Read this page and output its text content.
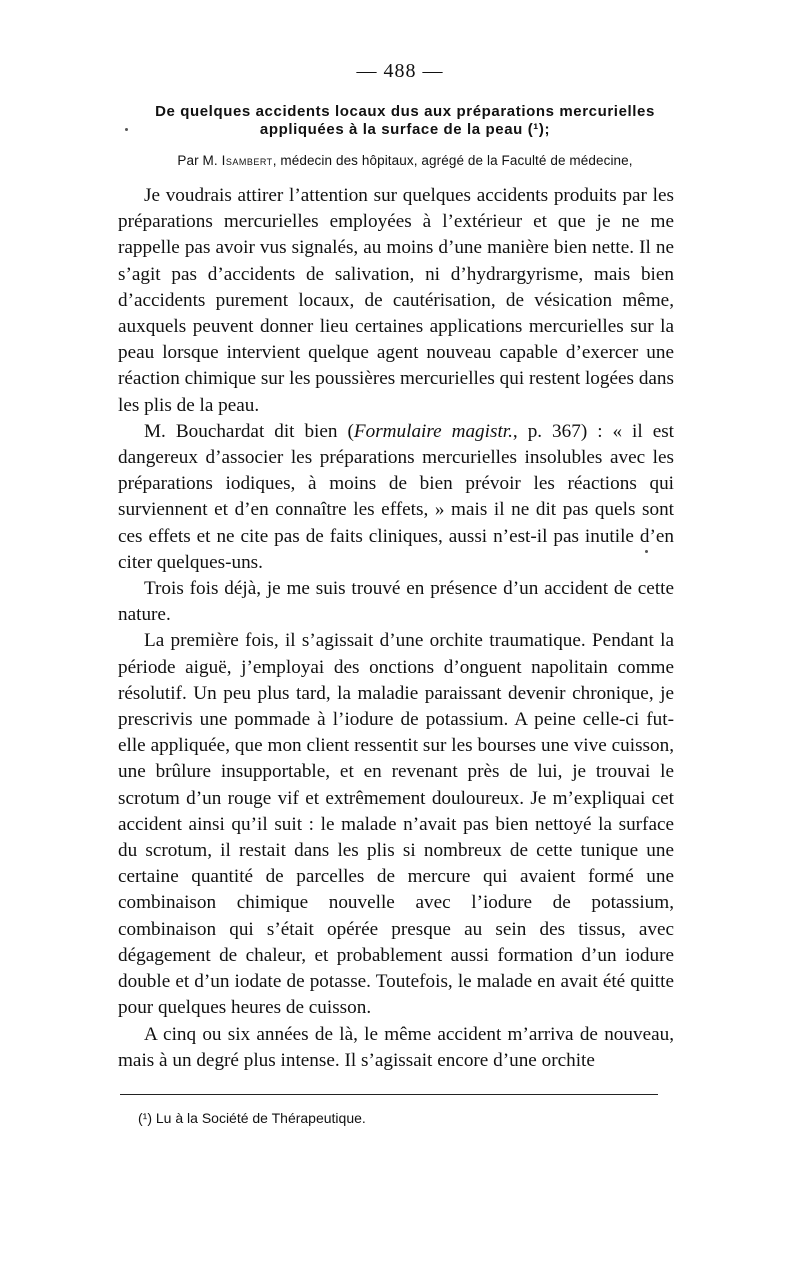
— 488 —
De quelques accidents locaux dus aux préparations mercurielles appliquées à la surface de la peau (¹);
Par M. Isambert, médecin des hôpitaux, agrégé de la Faculté de médecine,

Je voudrais attirer l’attention sur quelques accidents produits par les préparations mercurielles employées à l’extérieur et que je ne me rappelle pas avoir vus signalés, au moins d’une manière bien nette. Il ne s’agit pas d’accidents de salivation, ni d’hydrargyrisme, mais bien d’accidents purement locaux, de cautérisation, de vésication même, auxquels peuvent donner lieu certaines applications mercurielles sur la peau lorsque intervient quelque agent nouveau capable d’exercer une réaction chimique sur les poussières mercurielles qui restent logées dans les plis de la peau.

M. Bouchardat dit bien (Formulaire magistr., p. 367) : « il est dangereux d’associer les préparations mercurielles insolubles avec les préparations iodiques, à moins de bien prévoir les réactions qui surviennent et d’en connaître les effets, » mais il ne dit pas quels sont ces effets et ne cite pas de faits cliniques, aussi n’est-il pas inutile d’en citer quelques-uns.

Trois fois déjà, je me suis trouvé en présence d’un accident de cette nature.

La première fois, il s’agissait d’une orchite traumatique. Pendant la période aiguë, j’employai des onctions d’onguent napolitain comme résolutif. Un peu plus tard, la maladie paraissant devenir chronique, je prescrivis une pommade à l’iodure de potassium. A peine celle-ci fut-elle appliquée, que mon client ressentit sur les bourses une vive cuisson, une brûlure insupportable, et en revenant près de lui, je trouvai le scrotum d’un rouge vif et extrêmement douloureux. Je m’expliquai cet accident ainsi qu’il suit : le malade n’avait pas bien nettoyé la surface du scrotum, il restait dans les plis si nombreux de cette tunique une certaine quantité de parcelles de mercure qui avaient formé une combinaison chimique nouvelle avec l’iodure de potassium, combinaison qui s’était opérée presque au sein des tissus, avec dégagement de chaleur, et probablement aussi formation d’un iodure double et d’un iodate de potasse. Toutefois, le malade en avait été quitte pour quelques heures de cuisson.

A cinq ou six années de là, le même accident m’arriva de nouveau, mais à un degré plus intense. Il s’agissait encore d’une orchite

(¹) Lu à la Société de Thérapeutique.
